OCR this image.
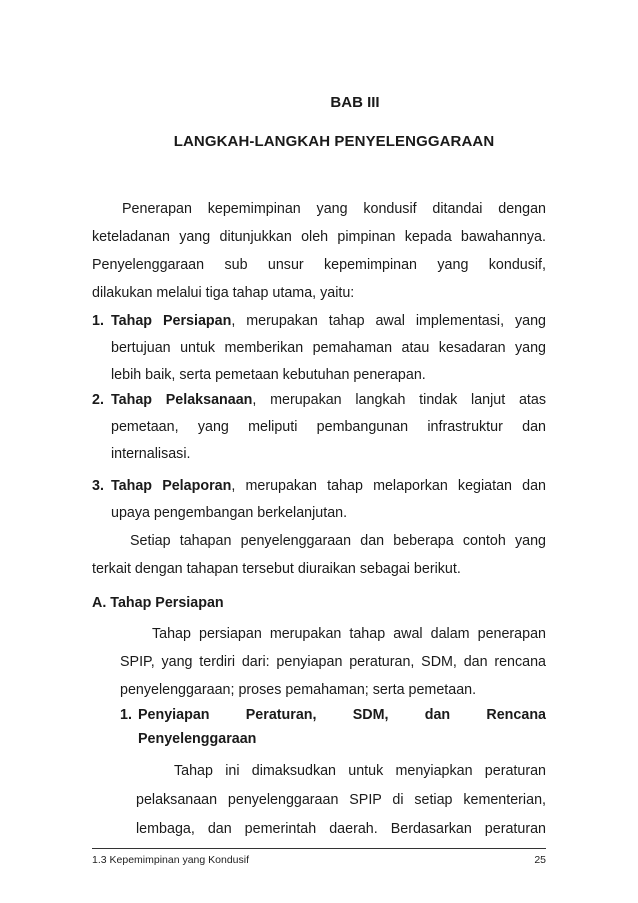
BAB III
LANGKAH-LANGKAH PENYELENGGARAAN
Penerapan kepemimpinan yang kondusif ditandai dengan
keteladanan yang ditunjukkan oleh pimpinan kepada bawahannya.
Penyelenggaraan sub unsur kepemimpinan yang kondusif,
dilakukan melalui tiga tahap utama, yaitu:
1. Tahap Persiapan, merupakan tahap awal implementasi, yang
bertujuan untuk memberikan pemahaman atau kesadaran yang
lebih baik, serta pemetaan kebutuhan penerapan.
2. Tahap Pelaksanaan, merupakan langkah tindak lanjut atas
pemetaan, yang meliputi pembangunan infrastruktur dan
internalisasi.
3. Tahap Pelaporan, merupakan tahap melaporkan kegiatan dan
upaya pengembangan berkelanjutan.
Setiap tahapan penyelenggaraan dan beberapa contoh yang
terkait dengan tahapan tersebut diuraikan sebagai berikut.
A. Tahap Persiapan
Tahap persiapan merupakan tahap awal dalam penerapan
SPIP, yang terdiri dari: penyiapan peraturan, SDM, dan rencana
penyelenggaraan; proses pemahaman; serta pemetaan.
1. Penyiapan Peraturan, SDM, dan Rencana
Penyelenggaraan
Tahap ini dimaksudkan untuk menyiapkan peraturan
pelaksanaan penyelenggaraan SPIP di setiap kementerian,
lembaga, dan pemerintah daerah. Berdasarkan peraturan
1.3 Kepemimpinan yang Kondusif	25
